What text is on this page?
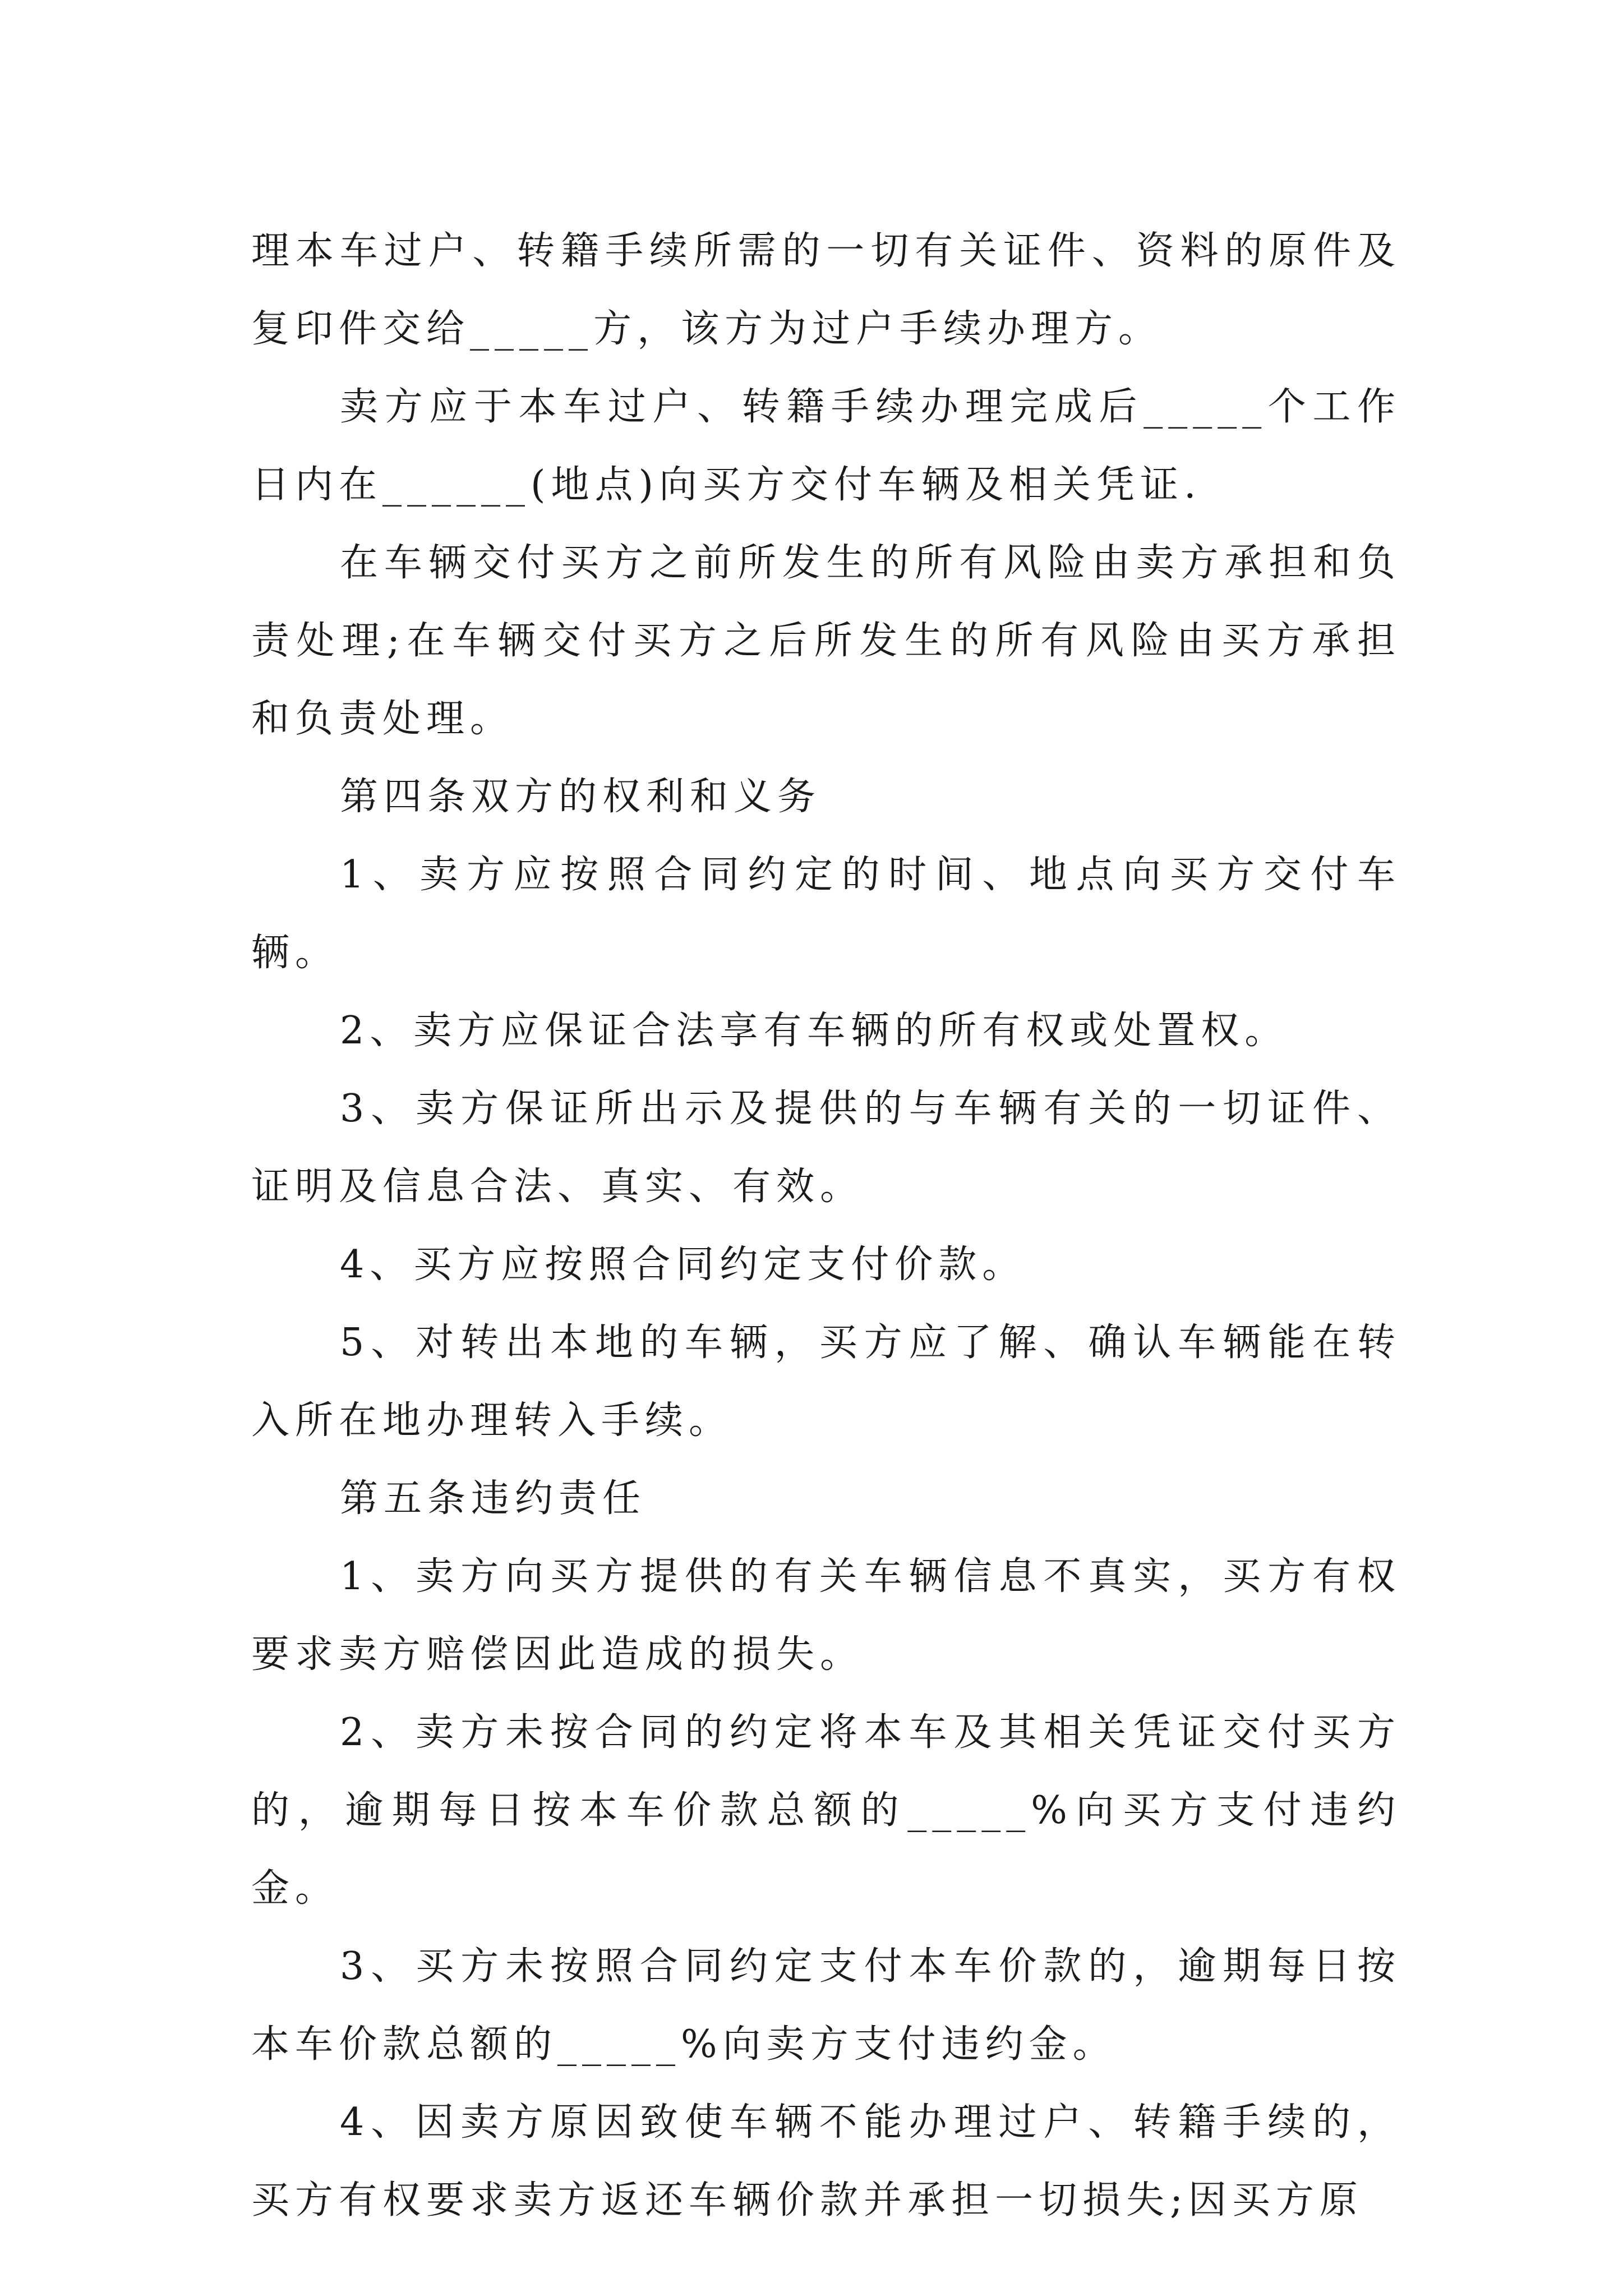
理本车过户、转籍手续所需的一切有关证件、资料的原件及复印件交给_____方，该方为过户手续办理方。

卖方应于本车过户、转籍手续办理完成后_____个工作日内在______(地点)向买方交付车辆及相关凭证.

在车辆交付买方之前所发生的所有风险由卖方承担和负责处理;在车辆交付买方之后所发生的所有风险由买方承担和负责处理。

第四条双方的权利和义务

1、卖方应按照合同约定的时间、地点向买方交付车辆。

2、卖方应保证合法享有车辆的所有权或处置权。

3、卖方保证所出示及提供的与车辆有关的一切证件、证明及信息合法、真实、有效。

4、买方应按照合同约定支付价款。

5、对转出本地的车辆，买方应了解、确认车辆能在转入所在地办理转入手续。

第五条违约责任

1、卖方向买方提供的有关车辆信息不真实，买方有权要求卖方赔偿因此造成的损失。

2、卖方未按合同的约定将本车及其相关凭证交付买方的，逾期每日按本车价款总额的_____%向买方支付违约金。

3、买方未按照合同约定支付本车价款的，逾期每日按本车价款总额的_____%向卖方支付违约金。

4、因卖方原因致使车辆不能办理过户、转籍手续的，买方有权要求卖方返还车辆价款并承担一切损失;因买方原
